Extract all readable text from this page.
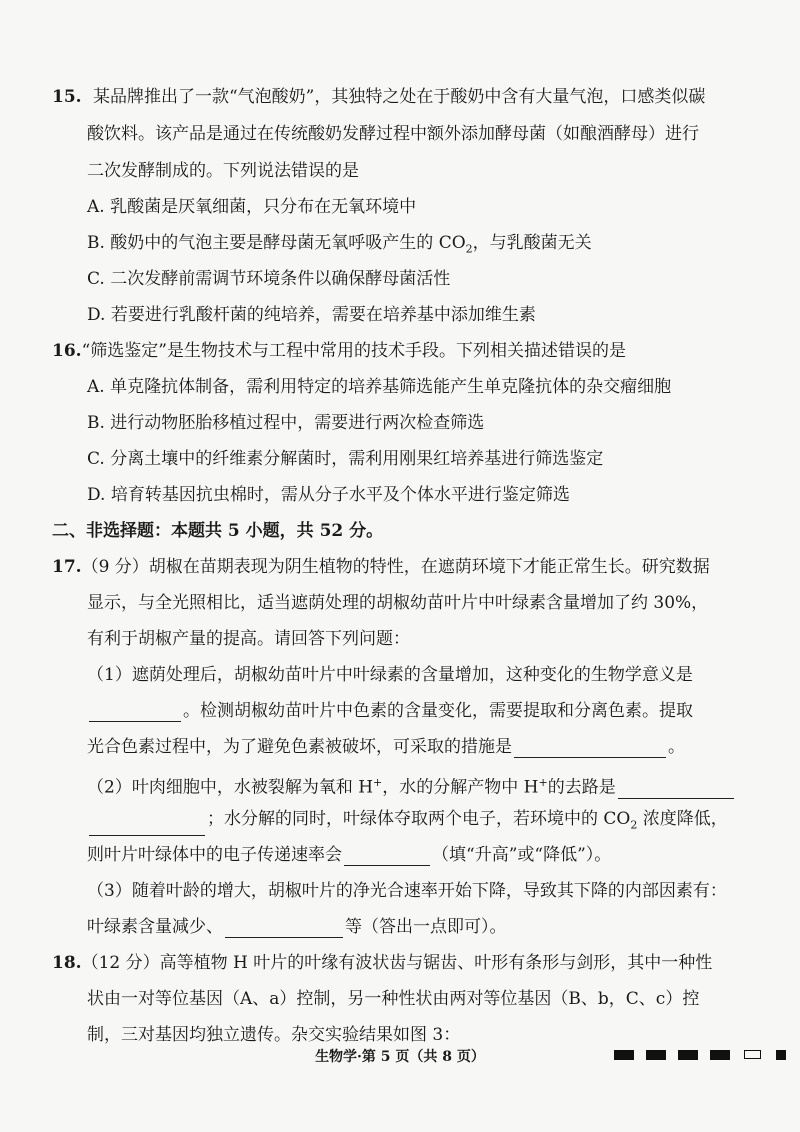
15. 某品牌推出了一款“气泡酸奶”，其独特之处在于酸奶中含有大量气泡，口感类似碳
酸饮料。该产品是通过在传统酸奶发酵过程中额外添加酵母菌（如酿酒酵母）进行
二次发酵制成的。下列说法错误的是
A. 乳酸菌是厌氧细菌，只分布在无氧环境中
B. 酸奶中的气泡主要是酵母菌无氧呼吸产生的 $CO_2$，与乳酸菌无关
C. 二次发酵前需调节环境条件以确保酵母菌活性
D. 若要进行乳酸杆菌的纯培养，需要在培养基中添加维生素
16.“筛选鉴定”是生物技术与工程中常用的技术手段。下列相关描述错误的是
A. 单克隆抗体制备，需利用特定的培养基筛选能产生单克隆抗体的杂交瘤细胞
B. 进行动物胚胎移植过程中，需要进行两次检查筛选
C. 分离土壤中的纤维素分解菌时，需利用刚果红培养基进行筛选鉴定
D. 培育转基因抗虫棉时，需从分子水平及个体水平进行鉴定筛选
二、非选择题：本题共 5 小题，共 52 分。
17.（9 分）胡椒在苗期表现为阴生植物的特性，在遮荫环境下才能正常生长。研究数据
显示，与全光照相比，适当遮荫处理的胡椒幼苗叶片中叶绿素含量增加了约 30%，
有利于胡椒产量的提高。请回答下列问题：
（1）遮荫处理后，胡椒幼苗叶片中叶绿素的含量增加，这种变化的生物学意义是
。检测胡椒幼苗叶片中色素的含量变化，需要提取和分离色素。提取
光合色素过程中，为了避免色素被破坏，可采取的措施是	。
（2）叶肉细胞中，水被裂解为氧和 H+，水的分解产物中 H+的去路是
；水分解的同时，叶绿体夺取两个电子，若环境中的 $CO_2$ 浓度降低，
则叶片叶绿体中的电子传递速率会	（填“升高”或“降低”）。
（3）随着叶龄的增大，胡椒叶片的净光合速率开始下降，导致其下降的内部因素有：
叶绿素含量减少、	等（答出一点即可）。
18.（12 分）高等植物 H 叶片的叶缘有波状齿与锯齿、叶形有条形与剑形，其中一种性
状由一对等位基因（A、a）控制，另一种性状由两对等位基因（B、b，C、c）控
制，三对基因均独立遗传。杂交实验结果如图 3：
生物学·第 5 页（共 8 页）
